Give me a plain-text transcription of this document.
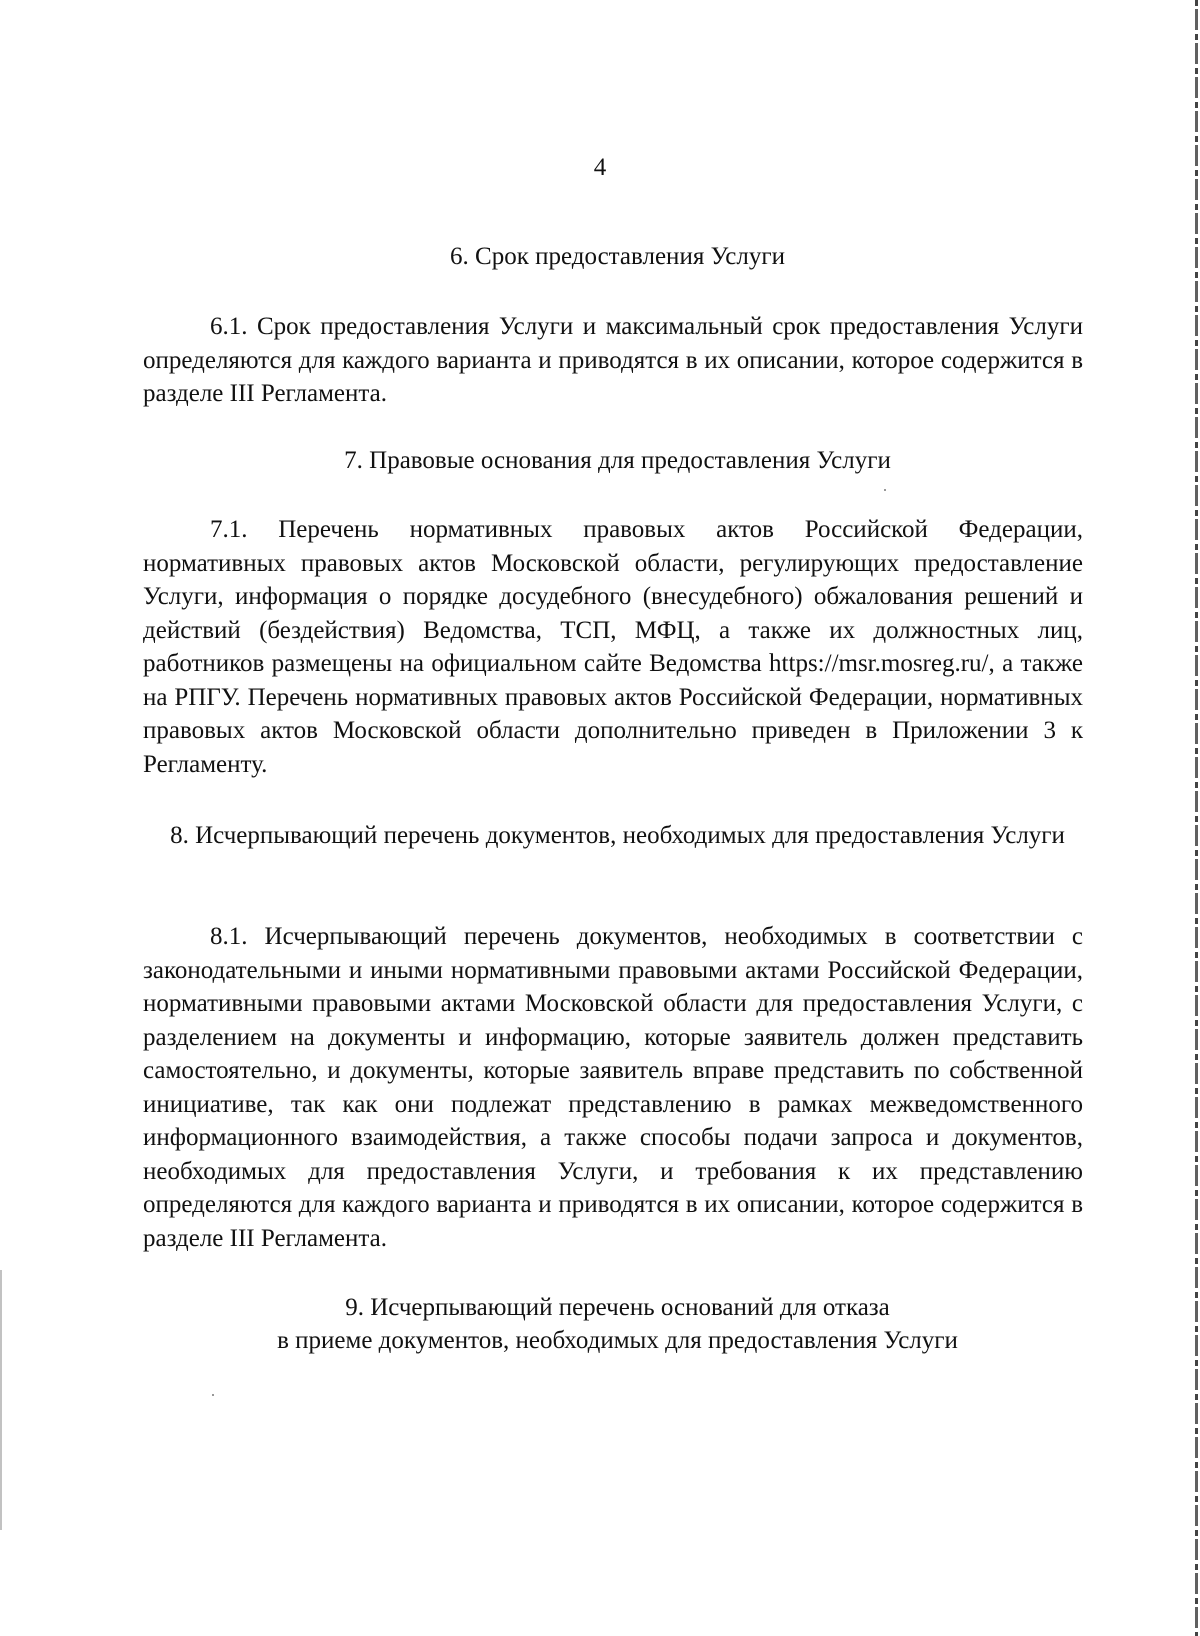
4
6. Срок предоставления Услуги
6.1. Срок предоставления Услуги и максимальный срок предоставления Услуги определяются для каждого варианта и приводятся в их описании, которое содержится в разделе III Регламента.
7. Правовые основания для предоставления Услуги
7.1. Перечень нормативных правовых актов Российской Федерации, нормативных правовых актов Московской области, регулирующих предоставление Услуги, информация о порядке досудебного (внесудебного) обжалования решений и действий (бездействия) Ведомства, ТСП, МФЦ, а также их должностных лиц, работников размещены на официальном сайте Ведомства https://msr.mosreg.ru/, а также на РПГУ. Перечень нормативных правовых актов Российской Федерации, нормативных правовых актов Московской области дополнительно приведен в Приложении 3 к Регламенту.
8. Исчерпывающий перечень документов, необходимых для предоставления Услуги
8.1. Исчерпывающий перечень документов, необходимых в соответствии с законодательными и иными нормативными правовыми актами Российской Федерации, нормативными правовыми актами Московской области для предоставления Услуги, с разделением на документы и информацию, которые заявитель должен представить самостоятельно, и документы, которые заявитель вправе представить по собственной инициативе, так как они подлежат представлению в рамках межведомственного информационного взаимодействия, а также способы подачи запроса и документов, необходимых для предоставления Услуги, и требования к их представлению определяются для каждого варианта и приводятся в их описании, которое содержится в разделе III Регламента.
9. Исчерпывающий перечень оснований для отказа
в приеме документов, необходимых для предоставления Услуги
